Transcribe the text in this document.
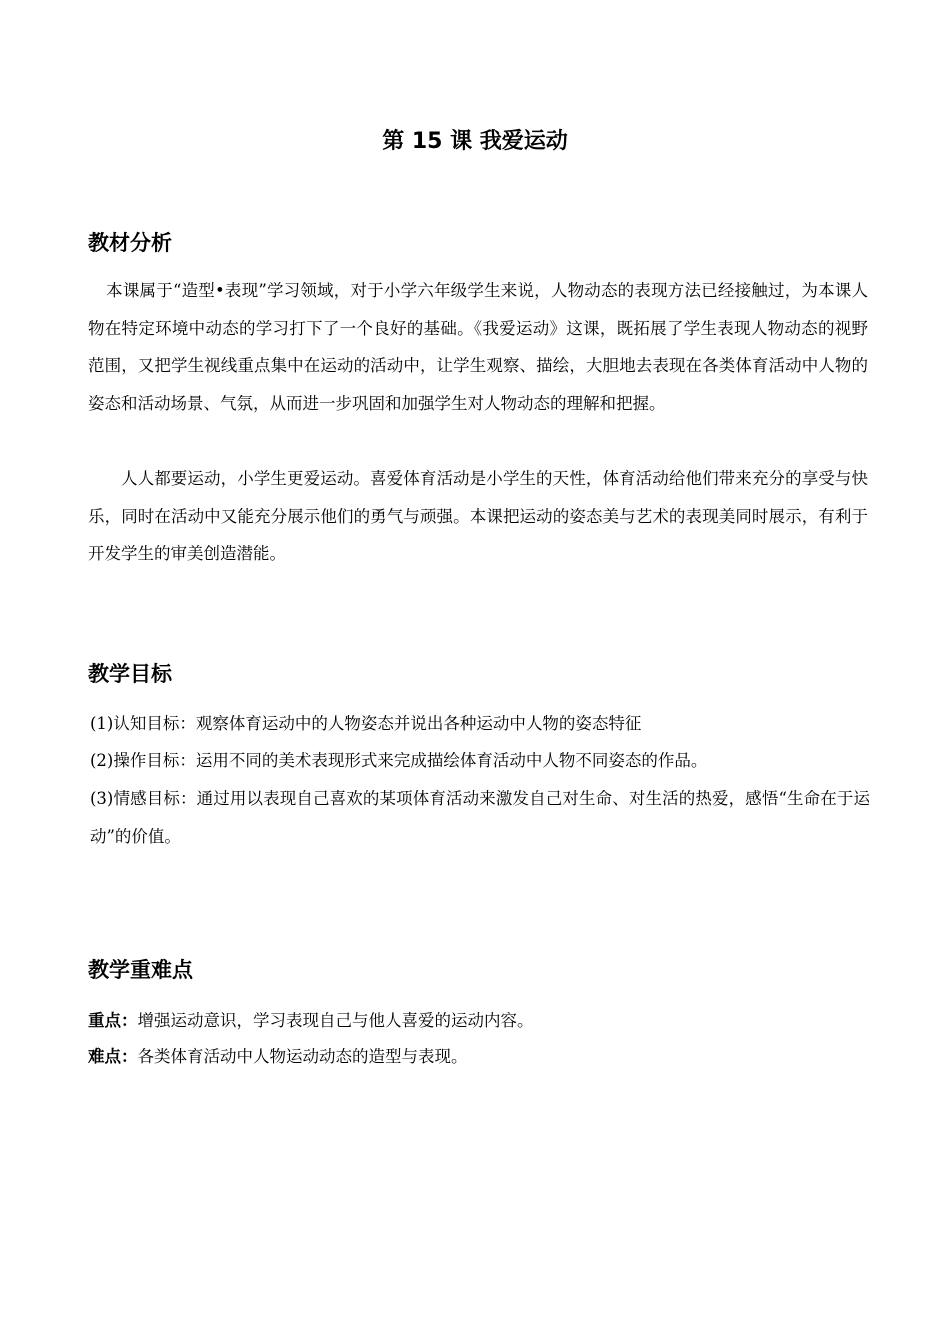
第 15 课 我爱运动
教材分析

本课属于“造型•表现”学习领域，对于小学六年级学生来说，人物动态的表现方法已经接触过，为本课人物在特定环境中动态的学习打下了一个良好的基础。《我爱运动》这课，既拓展了学生表现人物动态的视野范围，又把学生视线重点集中在运动的活动中，让学生观察、描绘，大胆地去表现在各类体育活动中人物的姿态和活动场景、气氛，从而进一步巩固和加强学生对人物动态的理解和把握。

人人都要运动，小学生更爱运动。喜爱体育活动是小学生的天性，体育活动给他们带来充分的享受与快乐，同时在活动中又能充分展示他们的勇气与顽强。本课把运动的姿态美与艺术的表现美同时展示，有利于开发学生的审美创造潜能。

教学目标

(1)认知目标：观察体育运动中的人物姿态并说出各种运动中人物的姿态特征

(2)操作目标：运用不同的美术表现形式来完成描绘体育活动中人物不同姿态的作品。

(3)情感目标：通过用以表现自己喜欢的某项体育活动来激发自己对生命、对生活的热爱，感悟“生命在于运动”的价值。

教学重难点

重点：增强运动意识，学习表现自己与他人喜爱的运动内容。

难点：各类体育活动中人物运动动态的造型与表现。
